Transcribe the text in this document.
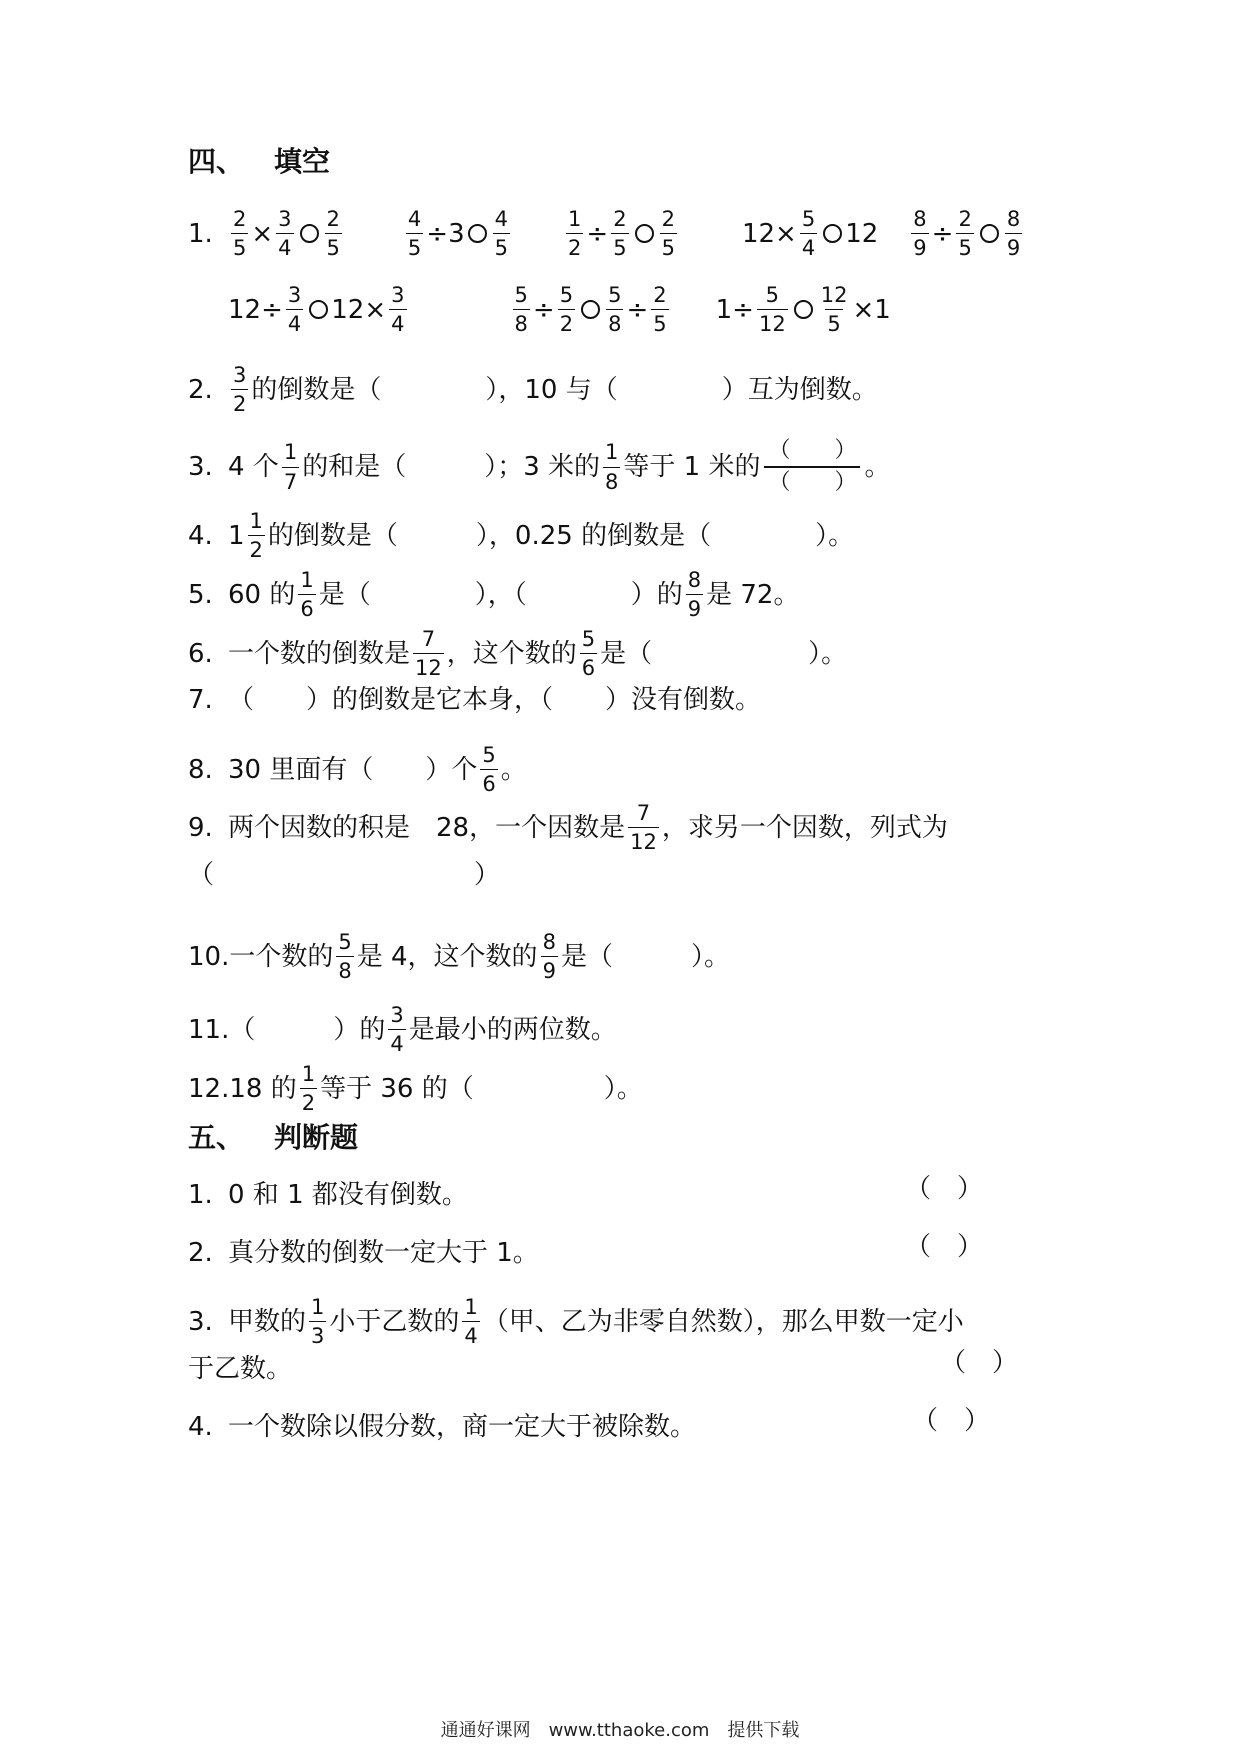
四、 填空
1. $\frac{2}{5} \times \frac{3}{4} \frac{2}{5}$	$\frac{4}{5} \div 3 \frac{4}{5}$	$\frac{1}{2} \div \frac{2}{5} \frac{2}{5}$	$12 \times \frac{5}{4} 12 \frac{8}{9} \div \frac{2}{5} \frac{8}{9}$
$12 \div \frac{3}{4} 12 \times \frac{3}{4}$	$\frac{5}{8} \div \frac{5}{2} \frac{5}{8} \div \frac{2}{5} 1 \div \frac{5}{12} \frac{12}{5} \times 1$
2. $\frac{3}{2}$ 的倒数是（　　　　），10 与（　　　　）互为倒数。
3. 4 个 $\frac{1}{7}$ 的和是（　　　）；3 米的 $\frac{1}{8}$ 等于 1 米的 $\frac{( )}{( )}$ 。
4. $1 \frac{1}{2}$ 的倒数是（　　　），0.25 的倒数是（　　　　）。
5. 60 的 $\frac{1}{6}$ 是（　　　　），（　　　　）的 $\frac{8}{9}$ 是 72。
6. 一个数的倒数是 $\frac{7}{12}$ ，这个数的 $\frac{5}{6}$ 是（　　　　　　）。
7. （　　）的倒数是它本身，（　　）没有倒数。
8. 30 里面有（　　）个 $\frac{5}{6}$ 。
9. 两个因数的积是　28，一个因数是 $\frac{7}{12}$ ，求另一个因数，列式为
（　　　　　　　　　　）
10. 一个数的 $\frac{5}{8}$ 是 4，这个数的 $\frac{8}{9}$ 是（　　　）。
11. （　　　）的 $\frac{3}{4}$ 是最小的两位数。
12. 18 的 $\frac{1}{2}$ 等于 36 的（　　　　　）。
五、 判断题
1. 0 和 1 都没有倒数。	（　）
2. 真分数的倒数一定大于 1。	（　）
3. 甲数的 $\frac{1}{3}$ 小于乙数的 $\frac{1}{4}$ （甲、乙为非零自然数），那么甲数一定小
于乙数。	（　）
4. 一个数除以假分数，商一定大于被除数。	（　）
通通好课网　www.tthaoke.com　提供下载
